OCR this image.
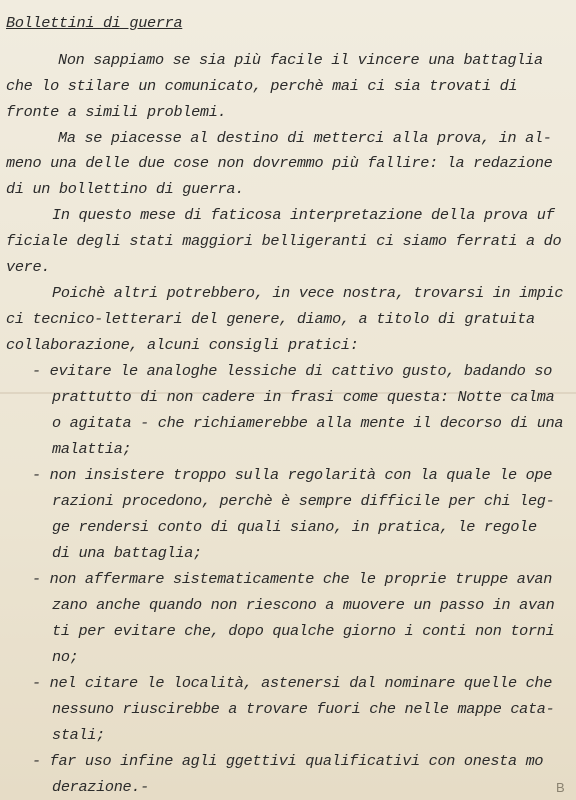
Bollettini di guerra
Non sappiamo se sia più facile il vincere una battaglia
che lo stilare un comunicato, perchè mai ci sia trovati di
fronte a simili problemi.
Ma se piacesse al destino di metterci alla prova, in al-
meno una delle due cose non dovremmo più fallire: la redazione
di un bollettino di guerra.
In questo mese di faticosa interpretazione della prova uf
ficiale degli stati maggiori belligeranti ci siamo ferrati a do
vere.
Poichè altri potrebbero, in vece nostra, trovarsi in impic
ci tecnico-letterari del genere, diamo, a titolo di gratuita
collaborazione, alcuni consigli pratici:
- evitare le analoghe lessiche di cattivo gusto, badando so
prattutto di non cadere in frasi come questa: Notte calma
o agitata - che richiamerebbe alla mente il decorso di una
malattia;
- non insistere troppo sulla regolarità con la quale le ope
razioni procedono, perchè è sempre difficile per chi leg-
ge rendersi conto di quali siano, in pratica, le regole
di una battaglia;
- non affermare sistematicamente che le proprie truppe avan
zano anche quando non riescono a muovere un passo in avan
ti per evitare che, dopo qualche giorno i conti non torni
no;
- nel citare le località, astenersi dal nominare quelle che
nessuno riuscirebbe a trovare fuori che nelle mappe cata-
stali;
- far uso infine agli ggettivi qualificativi con onesta mo
derazione.-	B
